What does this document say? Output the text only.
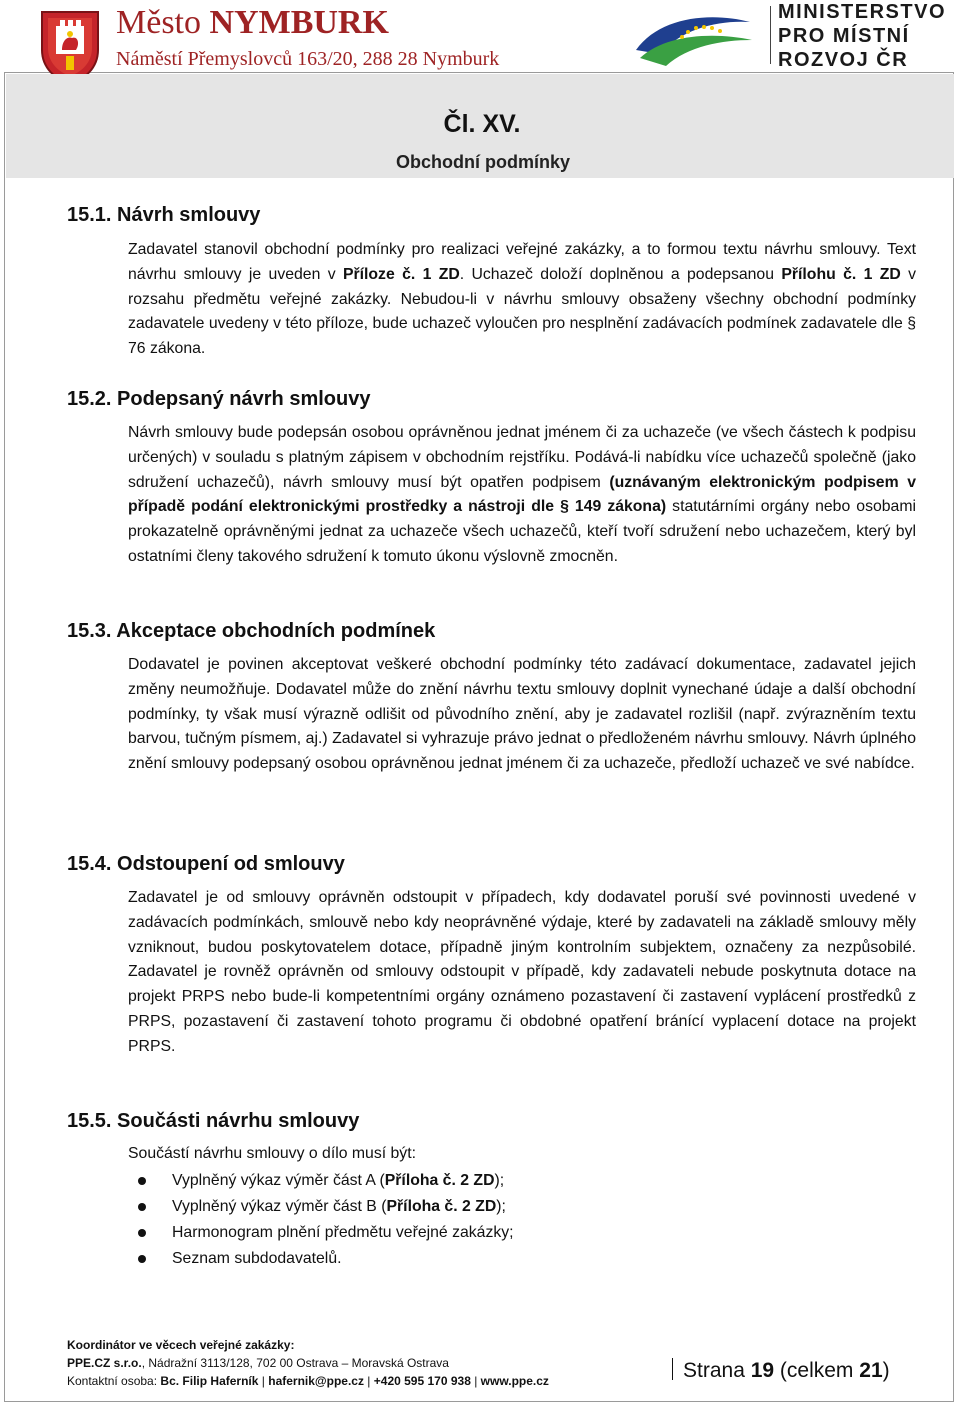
Město NYMBURK
Náměstí Přemyslovců 163/20, 288 28 Nymburk
MINISTERSTVO
PRO MÍSTNÍ
ROZVOJ ČR
Čl. XV.
Obchodní podmínky
15.1. Návrh smlouvy
Zadavatel stanovil obchodní podmínky pro realizaci veřejné zakázky, a to formou textu návrhu smlouvy. Text návrhu smlouvy je uveden v Příloze č. 1 ZD. Uchazeč doloží doplněnou a podepsanou Přílohu č. 1 ZD v rozsahu předmětu veřejné zakázky. Nebudou-li v návrhu smlouvy obsaženy všechny obchodní podmínky zadavatele uvedeny v této příloze, bude uchazeč vyloučen pro nesplnění zadávacích podmínek zadavatele dle § 76 zákona.
15.2. Podepsaný návrh smlouvy
Návrh smlouvy bude podepsán osobou oprávněnou jednat jménem či za uchazeče (ve všech částech k podpisu určených) v souladu s platným zápisem v obchodním rejstříku. Podává-li nabídku více uchazečů společně (jako sdružení uchazečů), návrh smlouvy musí být opatřen podpisem (uznávaným elektronickým podpisem v případě podání elektronickými prostředky a nástroji dle § 149 zákona) statutárními orgány nebo osobami prokazatelně oprávněnými jednat za uchazeče všech uchazečů, kteří tvoří sdružení nebo uchazečem, který byl ostatními členy takového sdružení k tomuto úkonu výslovně zmocněn.
15.3. Akceptace obchodních podmínek
Dodavatel je povinen akceptovat veškeré obchodní podmínky této zadávací dokumentace, zadavatel jejich změny neumožňuje. Dodavatel může do znění návrhu textu smlouvy doplnit vynechané údaje a další obchodní podmínky, ty však musí výrazně odlišit od původního znění, aby je zadavatel rozlišil (např. zvýrazněním textu barvou, tučným písmem, aj.) Zadavatel si vyhrazuje právo jednat o předloženém návrhu smlouvy. Návrh úplného znění smlouvy podepsaný osobou oprávněnou jednat jménem či za uchazeče, předloží uchazeč ve své nabídce.
15.4. Odstoupení od smlouvy
Zadavatel je od smlouvy oprávněn odstoupit v případech, kdy dodavatel poruší své povinnosti uvedené v zadávacích podmínkách, smlouvě nebo kdy neoprávněné výdaje, které by zadavateli na základě smlouvy měly vzniknout, budou poskytovatelem dotace, případně jiným kontrolním subjektem, označeny za nezpůsobilé. Zadavatel je rovněž oprávněn od smlouvy odstoupit v případě, kdy zadavateli nebude poskytnuta dotace na projekt PRPS nebo bude-li kompetentními orgány oznámeno pozastavení či zastavení vyplácení prostředků z PRPS, pozastavení či zastavení tohoto programu či obdobné opatření bránící vyplacení dotace na projekt PRPS.
15.5. Součásti návrhu smlouvy
Součástí návrhu smlouvy o dílo musí být:
Vyplněný výkaz výměr část A (Příloha č. 2 ZD);
Vyplněný výkaz výměr část B (Příloha č. 2 ZD);
Harmonogram plnění předmětu veřejné zakázky;
Seznam subdodavatelů.
Koordinátor ve věcech veřejné zakázky:
PPE.CZ s.r.o., Nádražní 3113/128, 702 00 Ostrava – Moravská Ostrava
Kontaktní osoba: Bc. Filip Haferník | hafernik@ppe.cz | +420 595 170 938 | www.ppe.cz	Strana 19 (celkem 21)
